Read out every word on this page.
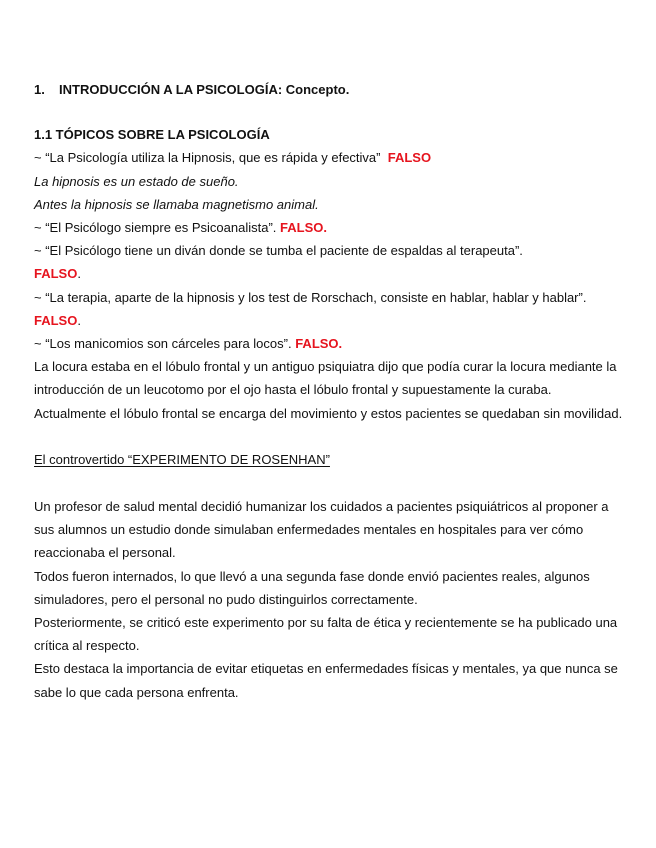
1. INTRODUCCIÓN A LA PSICOLOGÍA: Concepto.

1.1 TÓPICOS SOBRE LA PSICOLOGÍA

~ “La Psicología utiliza la Hipnosis, que es rápida y efectiva” FALSO

La hipnosis es un estado de sueño.

Antes la hipnosis se llamaba magnetismo animal.

~ “El Psicólogo siempre es Psicoanalista”. FALSO.

~ “El Psicólogo tiene un diván donde se tumba el paciente de espaldas al terapeuta”.
FALSO.

~ “La terapia, aparte de la hipnosis y los test de Rorschach, consiste en hablar, hablar y hablar”. FALSO.

~ “Los manicomios son cárceles para locos”. FALSO.

La locura estaba en el lóbulo frontal y un antiguo psiquiatra dijo que podía curar la locura mediante la introducción de un leucotomo por el ojo hasta el lóbulo frontal y supuestamente la curaba.

Actualmente el lóbulo frontal se encarga del movimiento y estos pacientes se quedaban sin movilidad.

El controvertido “EXPERIMENTO DE ROSENHAN”

Un profesor de salud mental decidió humanizar los cuidados a pacientes psiquiátricos al proponer a sus alumnos un estudio donde simulaban enfermedades mentales en hospitales para ver cómo reaccionaba el personal.

Todos fueron internados, lo que llevó a una segunda fase donde envió pacientes reales, algunos simuladores, pero el personal no pudo distinguirlos correctamente.

Posteriormente, se criticó este experimento por su falta de ética y recientemente se ha publicado una crítica al respecto.

Esto destaca la importancia de evitar etiquetas en enfermedades físicas y mentales, ya que nunca se sabe lo que cada persona enfrenta.
